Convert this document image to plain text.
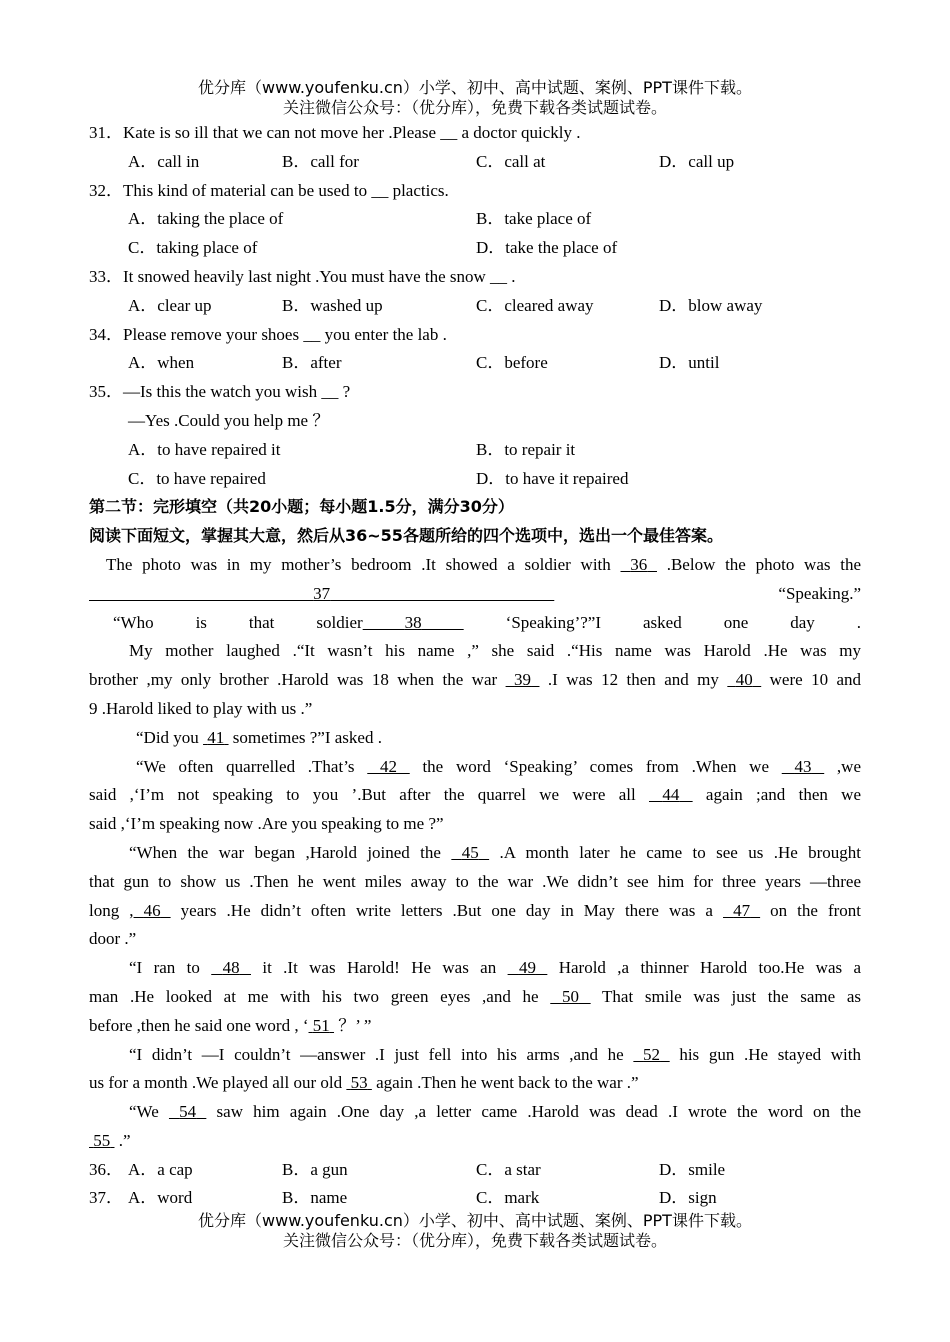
优分库（www.youfenku.cn）小学、初中、高中试题、案例、PPT课件下载。
关注微信公众号：（优分库），免费下载各类试题试卷。
31．Kate is so ill that we can not move her .Please __ a doctor quickly .
A．call in	B．call for	C．call at	D．call up
32．This kind of material can be used to __ plactics.
A．taking the place of	B．take place of
C．taking place of	D．take the place of
33．It snowed heavily last night .You must have the snow __ .
A．clear up	B．washed up	C．cleared away	D．blow away
34．Please remove your shoes __ you enter the lab .
A．when	B．after	C．before	D．until
35．—Is this the watch you wish __ ?
—Yes .Could you help me ？
A．to have repaired it	B．to repair it
C．to have repaired	D．to have it repaired
第二节：完形填空（共20小题；每小题1.5分，满分30分）
阅读下面短文，掌握其大意，然后从36~55各题所给的四个选项中，选出一个最佳答案。
The photo was in my mother’s bedroom .It showed a soldier with  36  .Below the photo was the
37	“Speaking.”
“Who is that soldier 38  ‘Speaking’?”I asked one day .
My mother laughed .“It wasn’t his name ,” she said .“His name was Harold .He was my
brother ,my only brother .Harold was 18 when the war  39  .I was 12 then and my  40  were 10 and
9 .Harold liked to play with us .”
“Did you  41  sometimes ?”I asked .
“We often quarrelled .That’s  42  the word ‘Speaking’ comes from .When we  43  ,we
said ,‘I’m not speaking to you ’.But after the quarrel we were all  44  again ;and then we
said ,‘I’m speaking now .Are you speaking to me ?”
“When the war began ,Harold joined the  45  .A month later he came to see us .He brought
that gun to show us .Then he went miles away to the war .We didn’t see him for three years —three
long , 46  years .He didn’t often write letters .But one day in May there was a  47  on the front
door .”
“I ran to  48  it .It was Harold! He was an  49  Harold ,a thinner Harold too.He was a
man .He looked at me with his two green eyes ,and he  50  That smile was just the same as
before ,then he said one word , ‘ 51  ？’ ”
“I didn’t —I couldn’t —answer .I just fell into his arms ,and he  52  his gun .He stayed with
us for a month .We played all our old  53  again .Then he went back to the war .”
“We  54  saw him again .One day ,a letter came .Harold was dead .I wrote the word on the
55  .”
36． A．a cap	B．a gun	C．a star	D．smile
37． A．word	B．name	C．mark	D．sign
优分库（www.youfenku.cn）小学、初中、高中试题、案例、PPT课件下载。
关注微信公众号：（优分库），免费下载各类试题试卷。
